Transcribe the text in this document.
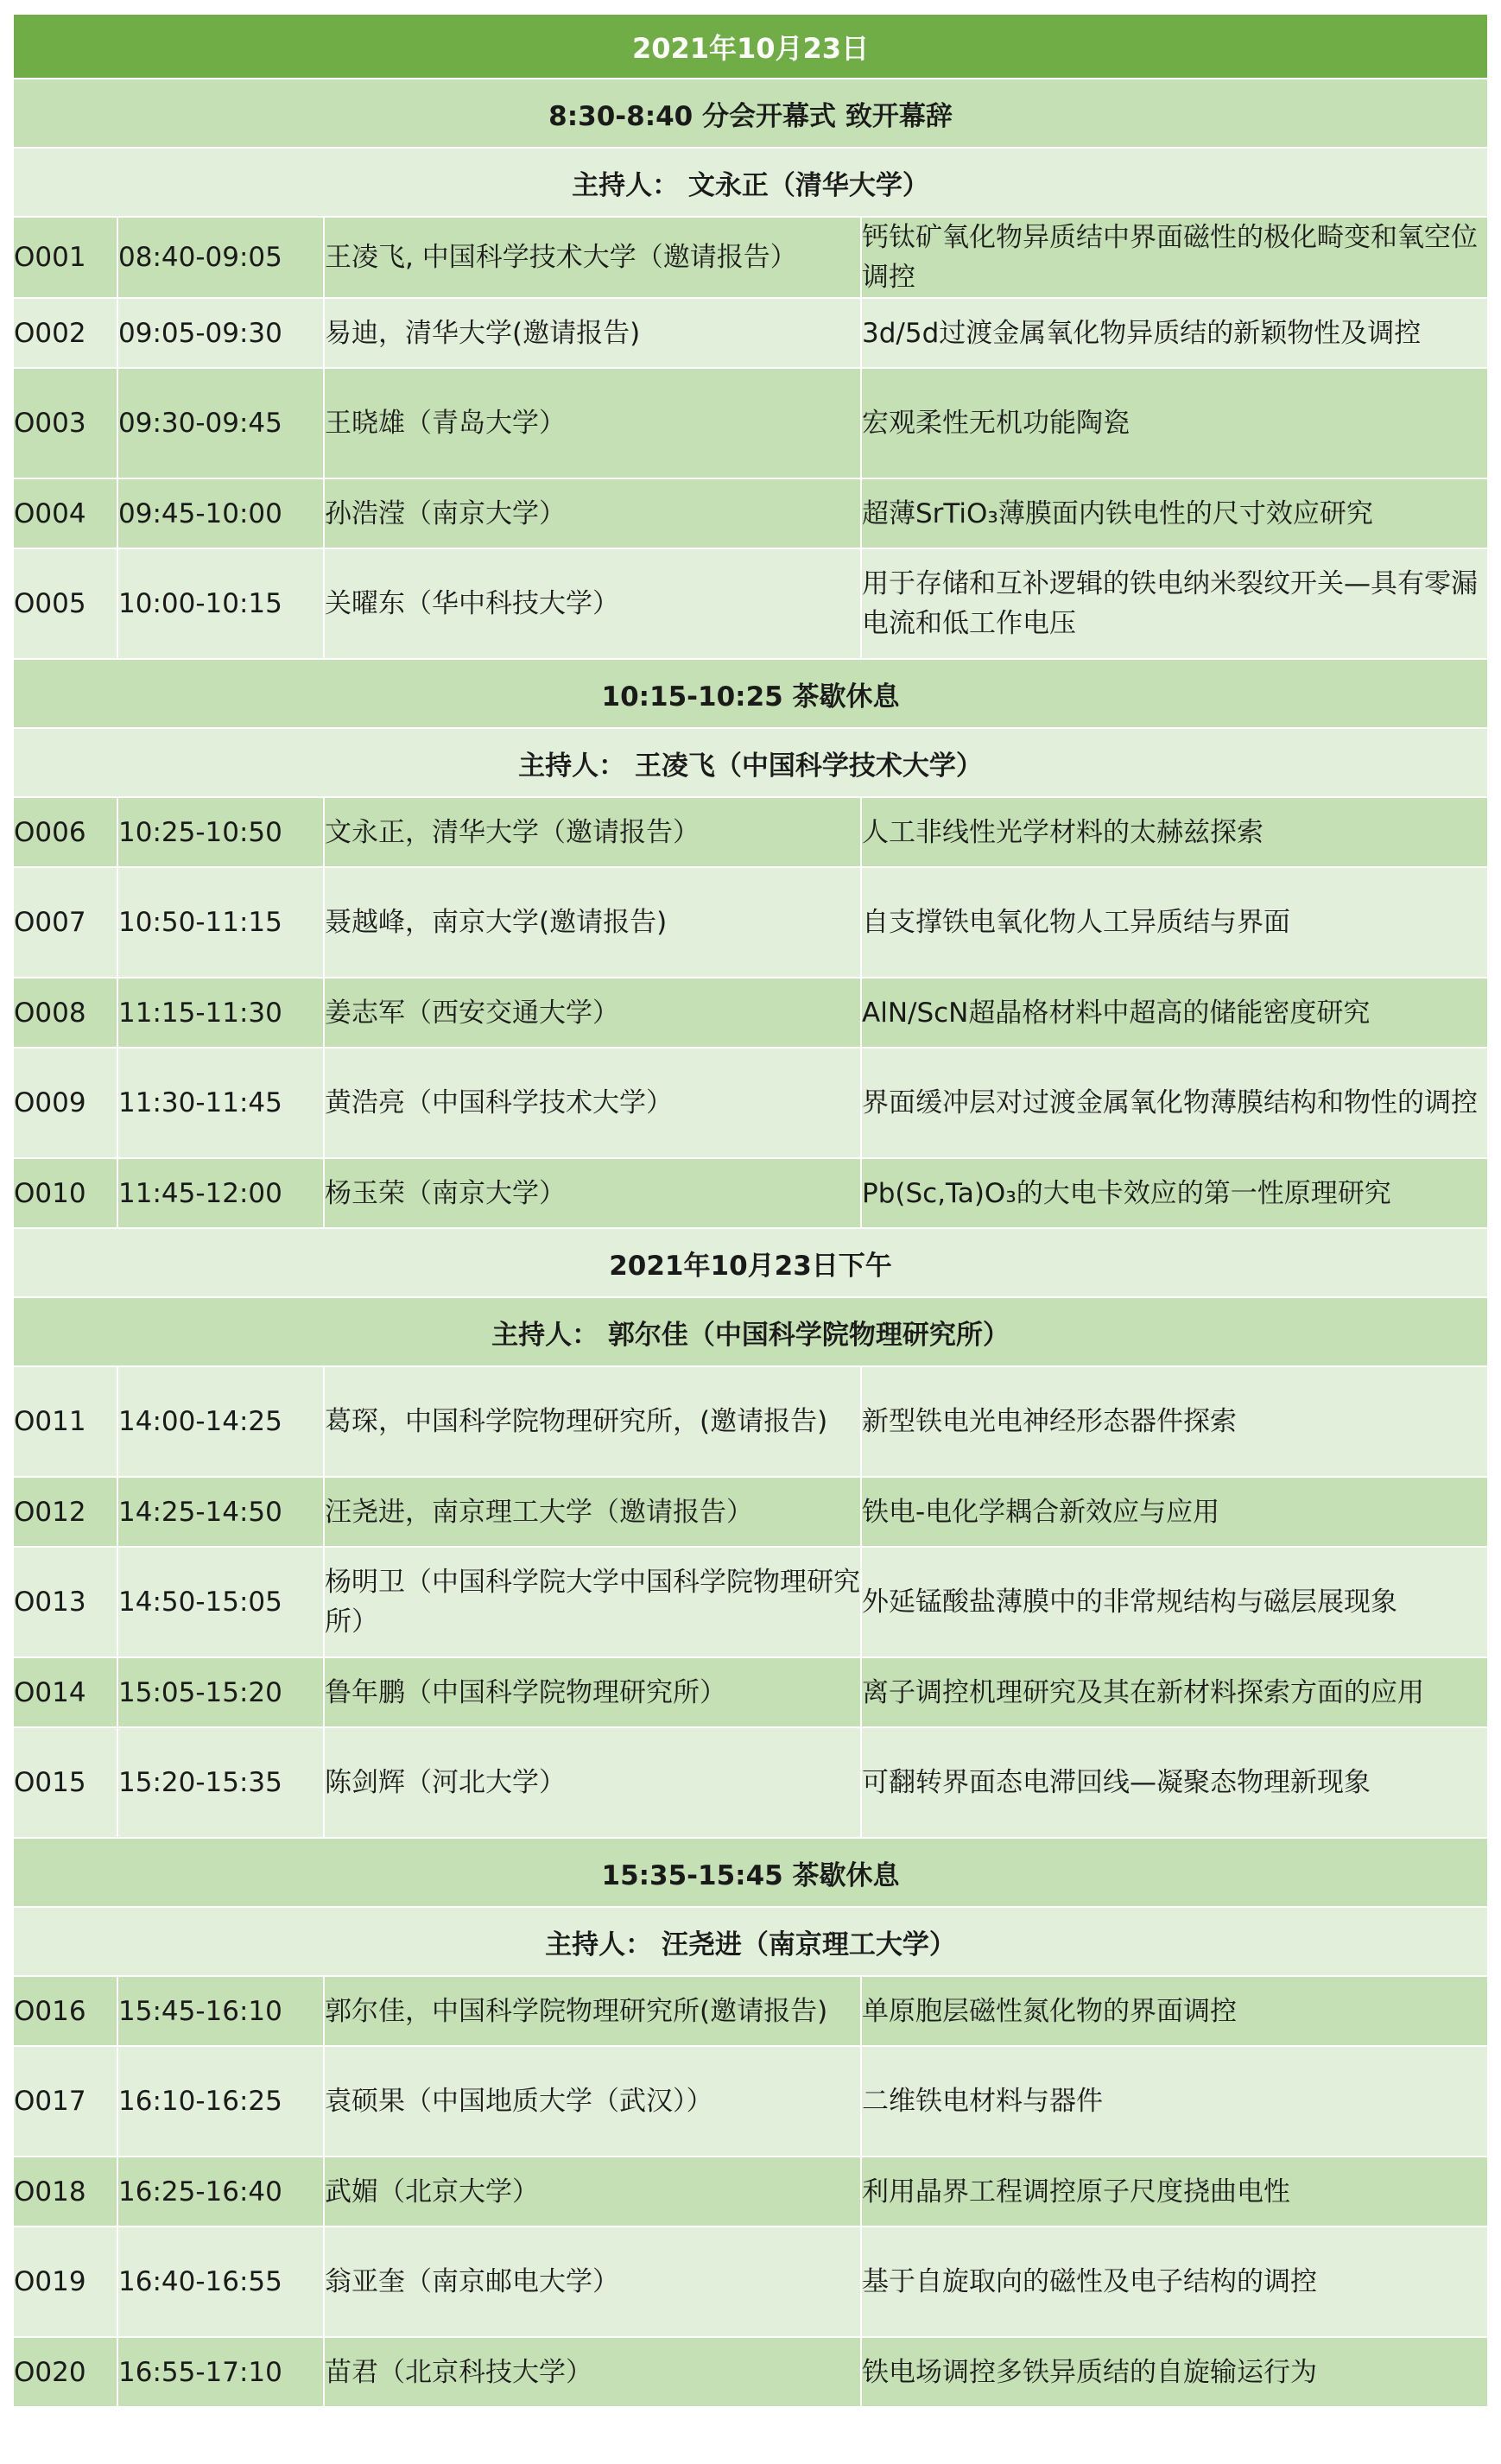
2021年10月23日			
8:30-8:40 分会开幕式 致开幕辞			
主持人： 文永正（清华大学）			
O001	08:40-09:05	王凌飞, 中国科学技术大学（邀请报告）	钙钛矿氧化物异质结中界面磁性的极化畸变和氧空位调控
O002	09:05-09:30	易迪，清华大学(邀请报告)	3d/5d过渡金属氧化物异质结的新颖物性及调控
O003	09:30-09:45	王晓雄（青岛大学）	宏观柔性无机功能陶瓷
O004	09:45-10:00	孙浩滢（南京大学）	超薄SrTiO₃薄膜面内铁电性的尺寸效应研究
O005	10:00-10:15	关曜东（华中科技大学）	用于存储和互补逻辑的铁电纳米裂纹开关—具有零漏电流和低工作电压
10:15-10:25 茶歇休息			
主持人： 王凌飞（中国科学技术大学）			
O006	10:25-10:50	文永正，清华大学（邀请报告）	人工非线性光学材料的太赫兹探索
O007	10:50-11:15	聂越峰，南京大学(邀请报告)	自支撑铁电氧化物人工异质结与界面
O008	11:15-11:30	姜志军（西安交通大学）	AlN/ScN超晶格材料中超高的储能密度研究
O009	11:30-11:45	黄浩亮（中国科学技术大学）	界面缓冲层对过渡金属氧化物薄膜结构和物性的调控
O010	11:45-12:00	杨玉荣（南京大学）	Pb(Sc,Ta)O₃的大电卡效应的第一性原理研究
2021年10月23日下午			
主持人： 郭尔佳（中国科学院物理研究所）			
O011	14:00-14:25	葛琛，中国科学院物理研究所，(邀请报告)	新型铁电光电神经形态器件探索
O012	14:25-14:50	汪尧进，南京理工大学（邀请报告）	铁电-电化学耦合新效应与应用
O013	14:50-15:05	杨明卫（中国科学院大学中国科学院物理研究所）	外延锰酸盐薄膜中的非常规结构与磁层展现象
O014	15:05-15:20	鲁年鹏（中国科学院物理研究所）	离子调控机理研究及其在新材料探索方面的应用
O015	15:20-15:35	陈剑辉（河北大学）	可翻转界面态电滞回线—凝聚态物理新现象
15:35-15:45 茶歇休息			
主持人： 汪尧进（南京理工大学）			
O016	15:45-16:10	郭尔佳，中国科学院物理研究所(邀请报告)	单原胞层磁性氮化物的界面调控
O017	16:10-16:25	袁硕果（中国地质大学（武汉））	二维铁电材料与器件
O018	16:25-16:40	武媚（北京大学）	利用晶界工程调控原子尺度挠曲电性
O019	16:40-16:55	翁亚奎（南京邮电大学）	基于自旋取向的磁性及电子结构的调控
O020	16:55-17:10	苗君（北京科技大学）	铁电场调控多铁异质结的自旋输运行为
